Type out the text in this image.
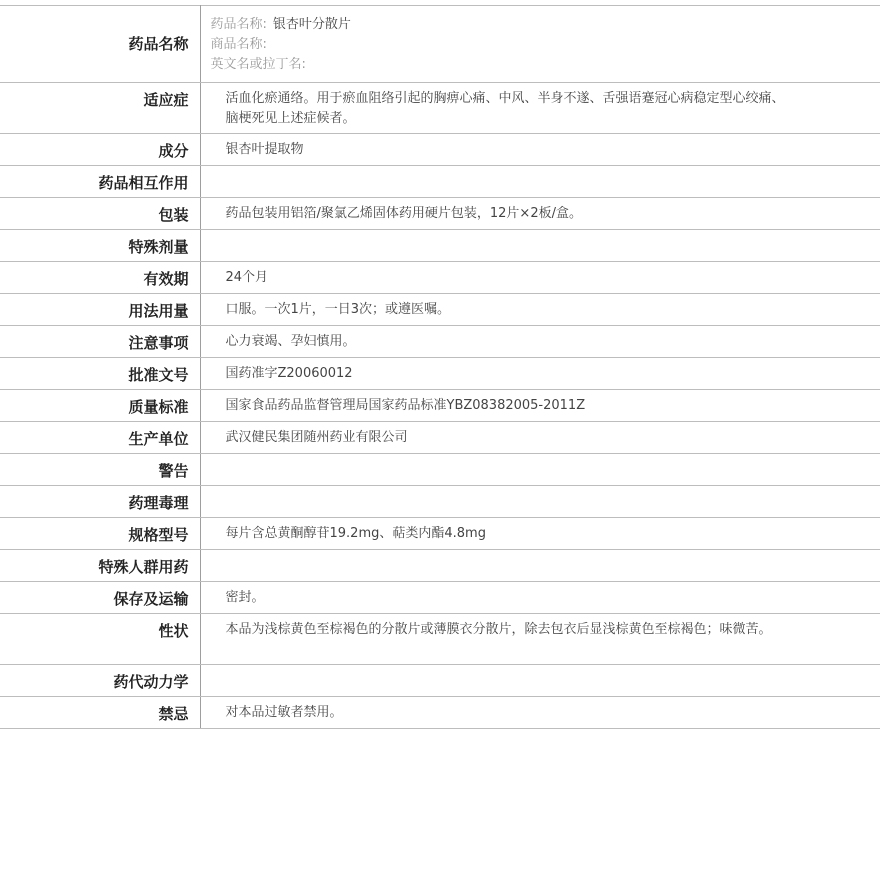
药品名称	药品名称: 银杏叶分散片
商品名称:
英文名或拉丁名:

适应症	活血化瘀通络。用于瘀血阻络引起的胸痹心痛、中风、半身不遂、舌强语蹇冠心病稳定型心绞痛、脑梗死见上述症候者。
成分	银杏叶提取物
药品相互作用	
包装	药品包装用铝箔/聚氯乙烯固体药用硬片包装，12片×2板/盒。
特殊剂量	
有效期	24个月
用法用量	口服。一次1片，一日3次；或遵医嘱。
注意事项	心力衰竭、孕妇慎用。
批准文号	国药准字Z20060012
质量标准	国家食品药品监督管理局国家药品标准YBZ08382005-2011Z
生产单位	武汉健民集团随州药业有限公司
警告	
药理毒理	
规格型号	每片含总黄酮醇苷19.2mg、萜类内酯4.8mg
特殊人群用药	
保存及运输	密封。
性状	本品为浅棕黄色至棕褐色的分散片或薄膜衣分散片，除去包衣后显浅棕黄色至棕褐色；味微苦。
药代动力学	
禁忌	对本品过敏者禁用。
